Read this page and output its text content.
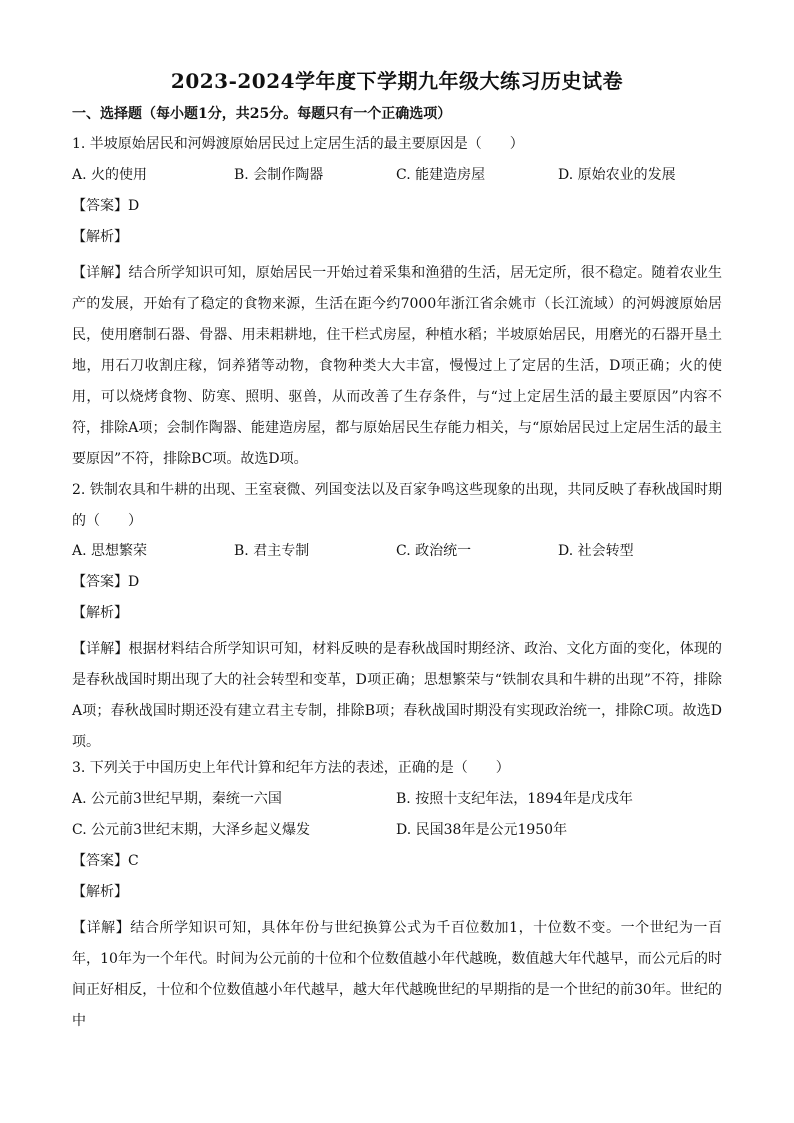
2023-2024学年度下学期九年级大练习历史试卷
一、选择题（每小题1分，共25分。每题只有一个正确选项）
1. 半坡原始居民和河姆渡原始居民过上定居生活的最主要原因是（　　）
A. 火的使用	B. 会制作陶器	C. 能建造房屋	D. 原始农业的发展
【答案】D
【解析】

【详解】结合所学知识可知，原始居民一开始过着采集和渔猎的生活，居无定所，很不稳定。随着农业生产的发展，开始有了稳定的食物来源，生活在距今约7000年浙江省余姚市（长江流域）的河姆渡原始居民，使用磨制石器、骨器、用耒耜耕地，住干栏式房屋，种植水稻；半坡原始居民，用磨光的石器开垦土地，用石刀收割庄稼，饲养猪等动物，食物种类大大丰富，慢慢过上了定居的生活，D项正确；火的使用，可以烧烤食物、防寒、照明、驱兽，从而改善了生存条件，与“过上定居生活的最主要原因”内容不符，排除A项；会制作陶器、能建造房屋，都与原始居民生存能力相关，与“原始居民过上定居生活的最主要原因”不符，排除BC项。故选D项。

2. 铁制农具和牛耕的出现、王室衰微、列国变法以及百家争鸣这些现象的出现，共同反映了春秋战国时期的（　　）

A. 思想繁荣	B. 君主专制	C. 政治统一	D. 社会转型
【答案】D
【解析】

【详解】根据材料结合所学知识可知，材料反映的是春秋战国时期经济、政治、文化方面的变化，体现的是春秋战国时期出现了大的社会转型和变革，D项正确；思想繁荣与“铁制农具和牛耕的出现”不符，排除A项；春秋战国时期还没有建立君主专制，排除B项；春秋战国时期没有实现政治统一，排除C项。故选D项。

3. 下列关于中国历史上年代计算和纪年方法的表述，正确的是（　　）
A. 公元前3世纪早期，秦统一六国	B. 按照十支纪年法，1894年是戊戌年
C. 公元前3世纪末期，大泽乡起义爆发	D. 民国38年是公元1950年
【答案】C
【解析】

【详解】结合所学知识可知，具体年份与世纪换算公式为千百位数加1，十位数不变。一个世纪为一百年，10年为一个年代。时间为公元前的十位和个位数值越小年代越晚，数值越大年代越早，而公元后的时间正好相反，十位和个位数值越小年代越早，越大年代越晚世纪的早期指的是一个世纪的前30年。世纪的中
